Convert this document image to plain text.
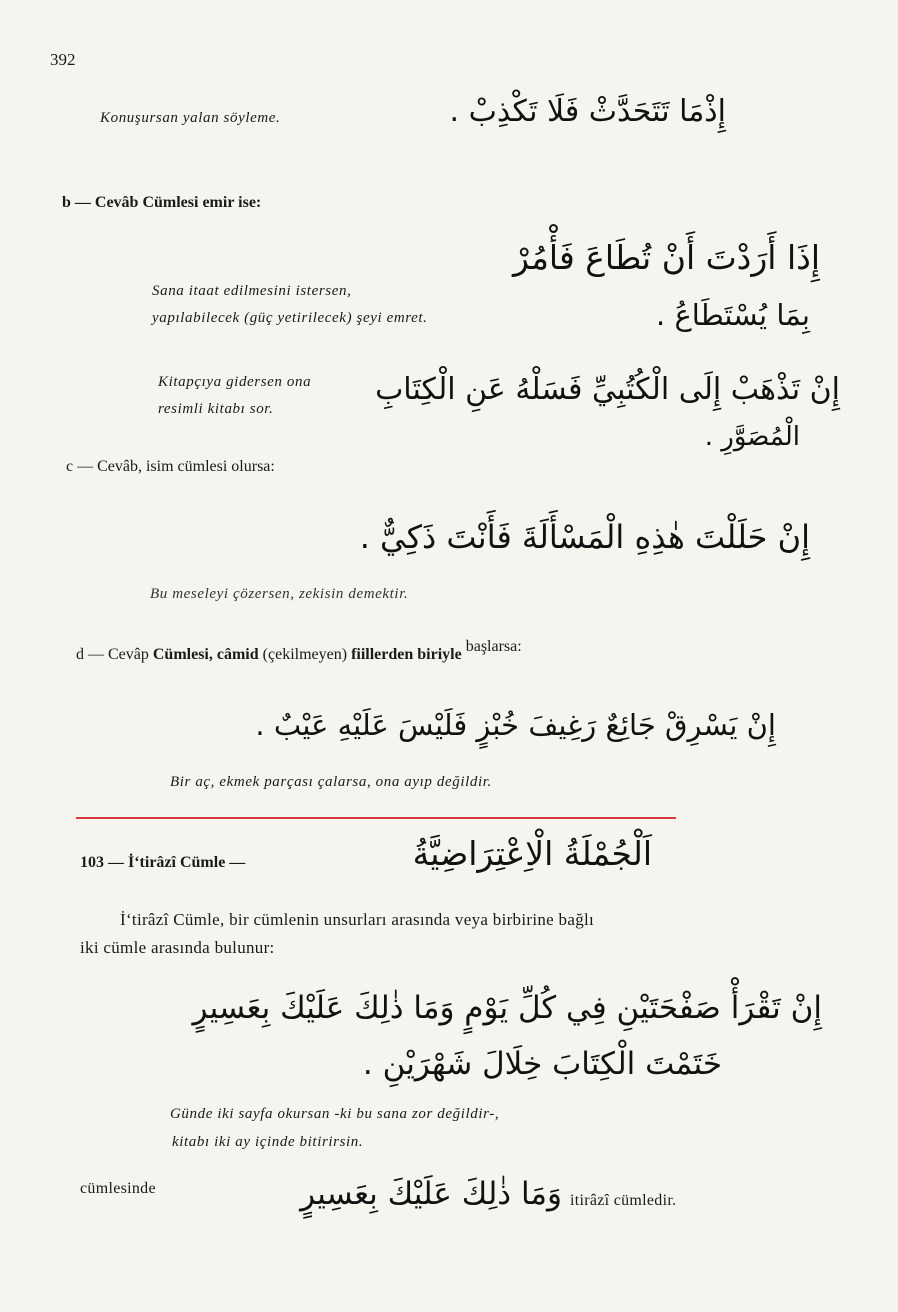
392
Konuşursan yalan söyleme.	إِذْمَا تَتَحَدَّثْ فَلَا تَكْذِبْ .
b — Cevâb Cümlesi emir ise:
إِذَا أَرَدْتَ أَنْ تُطَاعَ فَأْمُرْ
بِمَا يُسْتَطَاعُ .
Sana itaat edilmesini istersen,
yapılabilecek (güç yetirilecek) şeyi emret.
إِنْ تَذْهَبْ إِلَى الْكُتُبِيِّ فَسَلْهُ عَنِ الْكِتَابِ
الْمُصَوَّرِ .
Kitapçıya gidersen ona
resimli kitabı sor.
c — Cevâb, isim cümlesi olursa:
إِنْ حَلَلْتَ هٰذِهِ الْمَسْأَلَةَ فَأَنْتَ ذَكِيٌّ .
Bu meseleyi çözersen, zekisin demektir.
d — Cevâp Cümlesi, câmid (çekilmeyen) fiillerden biriyle başlarsa:
إِنْ يَسْرِقْ جَائِعٌ رَغِيفَ خُبْزٍ فَلَيْسَ عَلَيْهِ عَيْبٌ .
Bir aç, ekmek parçası çalarsa, ona ayıp değildir.
103 — İ‘tirâzî Cümle —	اَلْجُمْلَةُ الْاِعْتِرَاضِيَّةُ
İ‘tirâzî Cümle, bir cümlenin unsurları arasında veya birbirine bağlı
iki cümle arasında bulunur:
إِنْ تَقْرَأْ صَفْحَتَيْنِ فِي كُلِّ يَوْمٍ وَمَا ذٰلِكَ عَلَيْكَ بِعَسِيرٍ
خَتَمْتَ الْكِتَابَ خِلَالَ شَهْرَيْنِ .
Günde iki sayfa okursan -ki bu sana zor değildir-,
kitabı iki ay içinde bitirirsin.
cümlesinde	وَمَا ذٰلِكَ عَلَيْكَ بِعَسِيرٍ itirâzî cümledir.
